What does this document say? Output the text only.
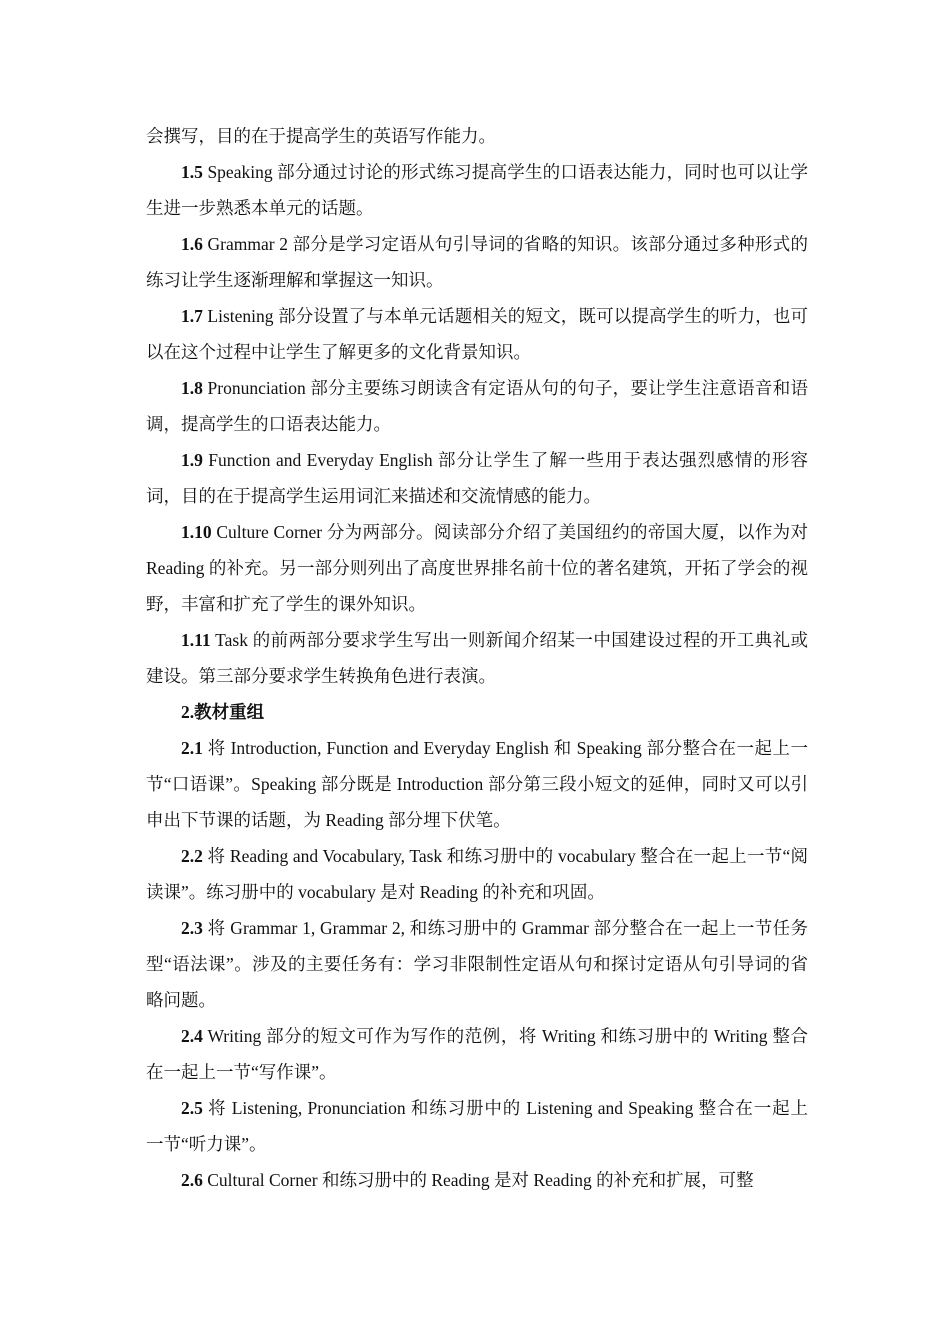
会撰写，目的在于提高学生的英语写作能力。

1.5 Speaking 部分通过讨论的形式练习提高学生的口语表达能力，同时也可以让学生进一步熟悉本单元的话题。

1.6 Grammar 2 部分是学习定语从句引导词的省略的知识。该部分通过多种形式的练习让学生逐渐理解和掌握这一知识。

1.7 Listening 部分设置了与本单元话题相关的短文，既可以提高学生的听力，也可以在这个过程中让学生了解更多的文化背景知识。

1.8 Pronunciation 部分主要练习朗读含有定语从句的句子，要让学生注意语音和语调，提高学生的口语表达能力。

1.9 Function and Everyday English 部分让学生了解一些用于表达强烈感情的形容词，目的在于提高学生运用词汇来描述和交流情感的能力。

1.10 Culture Corner 分为两部分。阅读部分介绍了美国纽约的帝国大厦，以作为对 Reading 的补充。另一部分则列出了高度世界排名前十位的著名建筑，开拓了学会的视野，丰富和扩充了学生的课外知识。

1.11 Task 的前两部分要求学生写出一则新闻介绍某一中国建设过程的开工典礼或建设。第三部分要求学生转换角色进行表演。

2.教材重组

2.1 将 Introduction, Function and Everyday English 和 Speaking 部分整合在一起上一节“口语课”。Speaking 部分既是 Introduction 部分第三段小短文的延伸，同时又可以引申出下节课的话题，为 Reading 部分埋下伏笔。

2.2 将 Reading and Vocabulary, Task 和练习册中的 vocabulary 整合在一起上一节“阅读课”。练习册中的 vocabulary 是对 Reading 的补充和巩固。

2.3 将 Grammar 1, Grammar 2, 和练习册中的 Grammar 部分整合在一起上一节任务型“语法课”。涉及的主要任务有：学习非限制性定语从句和探讨定语从句引导词的省略问题。

2.4 Writing 部分的短文可作为写作的范例，将 Writing 和练习册中的 Writing 整合在一起上一节“写作课”。

2.5 将 Listening, Pronunciation 和练习册中的 Listening and Speaking 整合在一起上一节“听力课”。

2.6 Cultural Corner 和练习册中的 Reading 是对 Reading 的补充和扩展，可整
